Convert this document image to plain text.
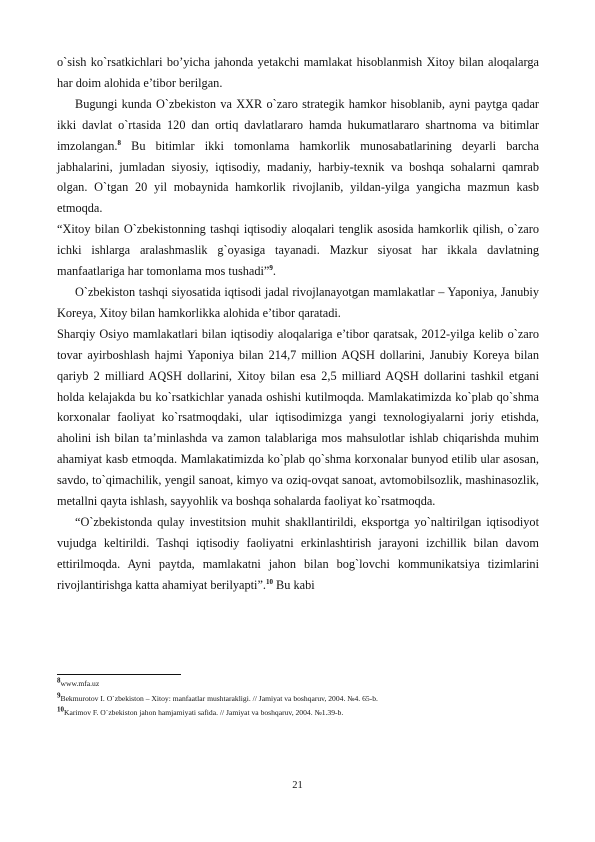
o`sish ko`rsatkichlari bo’yicha jahonda yetakchi mamlakat hisoblanmish Xitoy bilan aloqalarga har doim alohida e’tibor berilgan.

Bugungi kunda O`zbekiston va XXR o`zaro strategik hamkor hisoblanib, ayni paytga qadar ikki davlat o`rtasida 120 dan ortiq davlatlararo hamda hukumatlararo shartnoma va bitimlar imzolangan.$^8$ Bu bitimlar ikki tomonlama hamkorlik munosabatlarining deyarli barcha jabhalarini, jumladan siyosiy, iqtisodiy, madaniy, harbiy-texnik va boshqa sohalarni qamrab olgan. O`tgan 20 yil mobaynida hamkorlik rivojlanib, yildan-yilga yangicha mazmun kasb etmoqda.

“Xitoy bilan O`zbekistonning tashqi iqtisodiy aloqalari tenglik asosida hamkorlik qilish, o`zaro ichki ishlarga aralashmaslik g`oyasiga tayanadi. Mazkur siyosat har ikkala davlatning manfaatlariga har tomonlama mos tushadi”$^9$.

O`zbekiston tashqi siyosatida iqtisodi jadal rivojlanayotgan mamlakatlar – Yaponiya, Janubiy Koreya, Xitoy bilan hamkorlikka alohida e’tibor qaratadi.

Sharqiy Osiyo mamlakatlari bilan iqtisodiy aloqalariga e’tibor qaratsak, 2012-yilga kelib o`zaro tovar ayirboshlash hajmi Yaponiya bilan 214,7 million AQSH dollarini, Janubiy Koreya bilan qariyb 2 milliard AQSH dollarini, Xitoy bilan esa 2,5 milliard AQSH dollarini tashkil etgani holda kelajakda bu ko`rsatkichlar yanada oshishi kutilmoqda. Mamlakatimizda ko`plab qo`shma korxonalar faoliyat ko`rsatmoqdaki, ular iqtisodimizga yangi texnologiyalarni joriy etishda, aholini ish bilan ta’minlashda va zamon talablariga mos mahsulotlar ishlab chiqarishda muhim ahamiyat kasb etmoqda. Mamlakatimizda ko`plab qo`shma korxonalar bunyod etilib ular asosan, savdo, to`qimachilik, yengil sanoat, kimyo va oziq-ovqat sanoat, avtomobilsozlik, mashinasozlik, metallni qayta ishlash, sayyohlik va boshqa sohalarda faoliyat ko`rsatmoqda.

“O`zbekistonda qulay investitsion muhit shakllantirildi, eksportga yo`naltirilgan iqtisodiyot vujudga keltirildi. Tashqi iqtisodiy faoliyatni erkinlashtirish jarayoni izchillik bilan davom ettirilmoqda. Ayni paytda, mamlakatni jahon bilan bog`lovchi kommunikatsiya tizimlarini rivojlantirishga katta ahamiyat berilyapti”.$^{10}$ Bu kabi

$^8$www.mfa.uz

$^9$Bekmurotov I. O`zbekiston – Xitoy: manfaatlar mushtarakligi. // Jamiyat va boshqaruv, 2004. №4. 65-b.

$^{10}$Karimov F. O`zbekiston jahon hamjamiyati safida. // Jamiyat va boshqaruv, 2004. №1.39-b.

21
